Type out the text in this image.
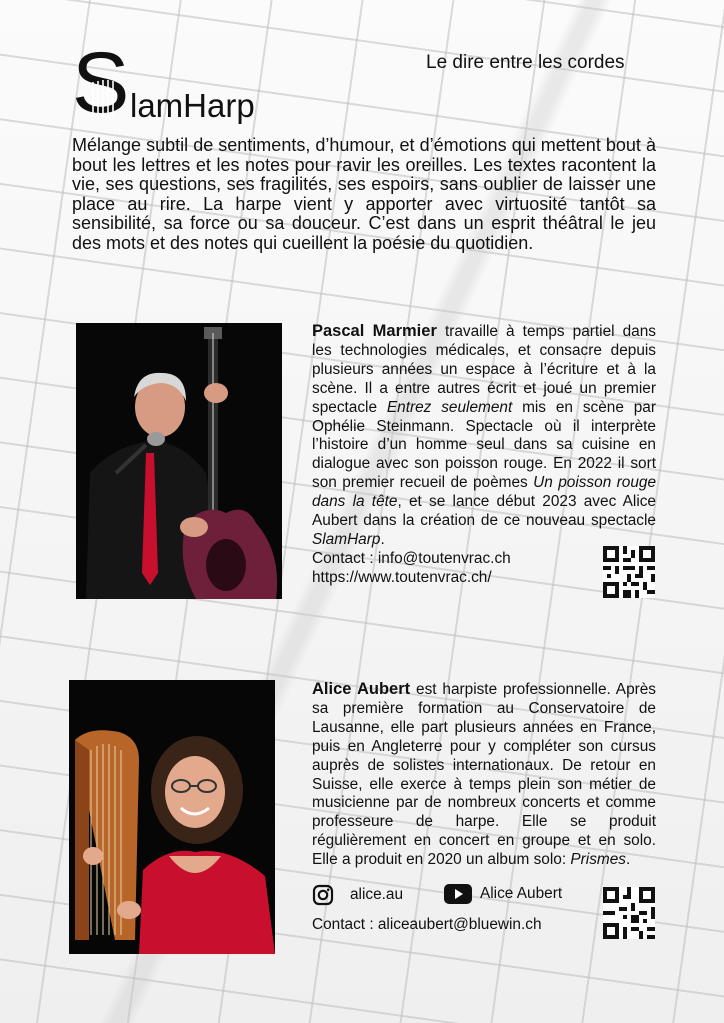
S lamHarp
Le dire entre les cordes

Mélange subtil de sentiments, d’humour, et d’émotions qui mettent bout à bout les lettres et les notes pour ravir les oreilles. Les textes racontent la vie, ses questions, ses fragilités, ses espoirs, sans oublier de laisser une place au rire. La harpe vient y apporter avec virtuosité tantôt sa sensibilité, sa force ou sa douceur. C’est dans un esprit théâtral le jeu des mots et des notes qui cueillent la poésie du quotidien.

Pascal Marmier travaille à temps partiel dans les technologies médicales, et consacre depuis plusieurs années un espace à l’écriture et à la scène. Il a entre autres écrit et joué un premier spectacle Entrez seulement mis en scène par Ophélie Steinmann. Spectacle où il interprète l’histoire d’un homme seul dans sa cuisine en dialogue avec son poisson rouge. En 2022 il sort son premier recueil de poèmes Un poisson rouge dans la tête, et se lance début 2023 avec Alice Aubert dans la création de ce nouveau spectacle SlamHarp.

Contact : info@toutenvrac.ch
https://www.toutenvrac.ch/

Alice Aubert est harpiste professionnelle. Après sa première formation au Conservatoire de Lausanne, elle part plusieurs années en France, puis en Angleterre pour y compléter son cursus auprès de solistes internationaux. De retour en Suisse, elle exerce à temps plein son métier de musicienne par de nombreux concerts et comme professeure de harpe. Elle se produit régulièrement en concert en groupe et en solo. Elle a produit en 2020 un album solo: Prismes.

alice.au	Alice Aubert
Contact : aliceaubert@bluewin.ch
